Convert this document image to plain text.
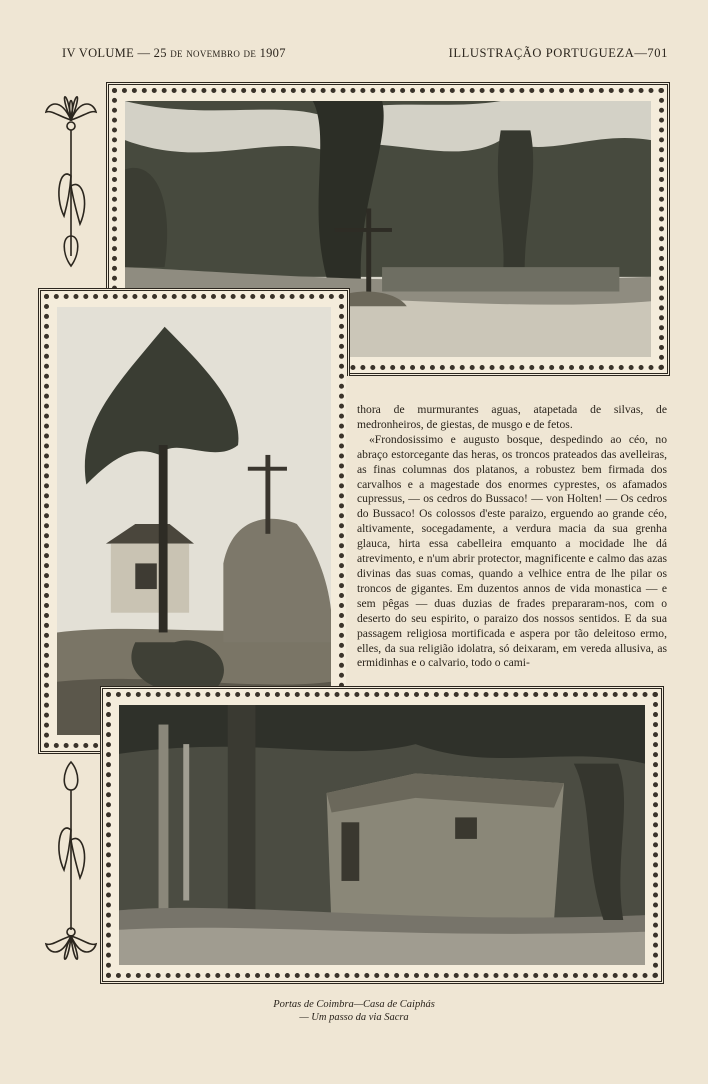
IV VOLUME — 25 de novembro de 1907	ILLUSTRAÇÃO PORTUGUEZA—701

thora de murmurantes aguas, atapetada de silvas, de medronheiros, de giestas, de musgo e de fetos.

«Frondosissimo e augusto bosque, despedindo ao céo, no abraço estorcegante das heras, os troncos prateados das avelleiras, as finas columnas dos platanos, a robustez bem firmada dos carvalhos e a magestade dos enormes cyprestes, os afamados cupressus, — os cedros do Bussaco! — von Holten! — Os cedros do Bussaco! Os colossos d'este paraizo, erguendo ao grande céo, altivamente, socegadamente, a verdura macia da sua grenha glauca, hirta essa cabelleira emquanto a mocidade lhe dá atrevimento, e n'um abrir protector, magnificente e calmo das azas divinas das suas comas, quando a velhice entra de lhe pilar os troncos de gigantes. Em duzentos annos de vida monastica — e sem pêgas — duas duzias de frades prepararam-nos, com o deserto do seu espirito, o paraizo dos nossos sentidos. E da sua passagem religiosa mortificada e aspera por tão deleitoso ermo, elles, da sua religião idolatra, só deixaram, em vereda allusiva, as ermidinhas e o calvario, todo o cami-

Portas de Coimbra—Casa de Caiphás
— Um passo da via Sacra
